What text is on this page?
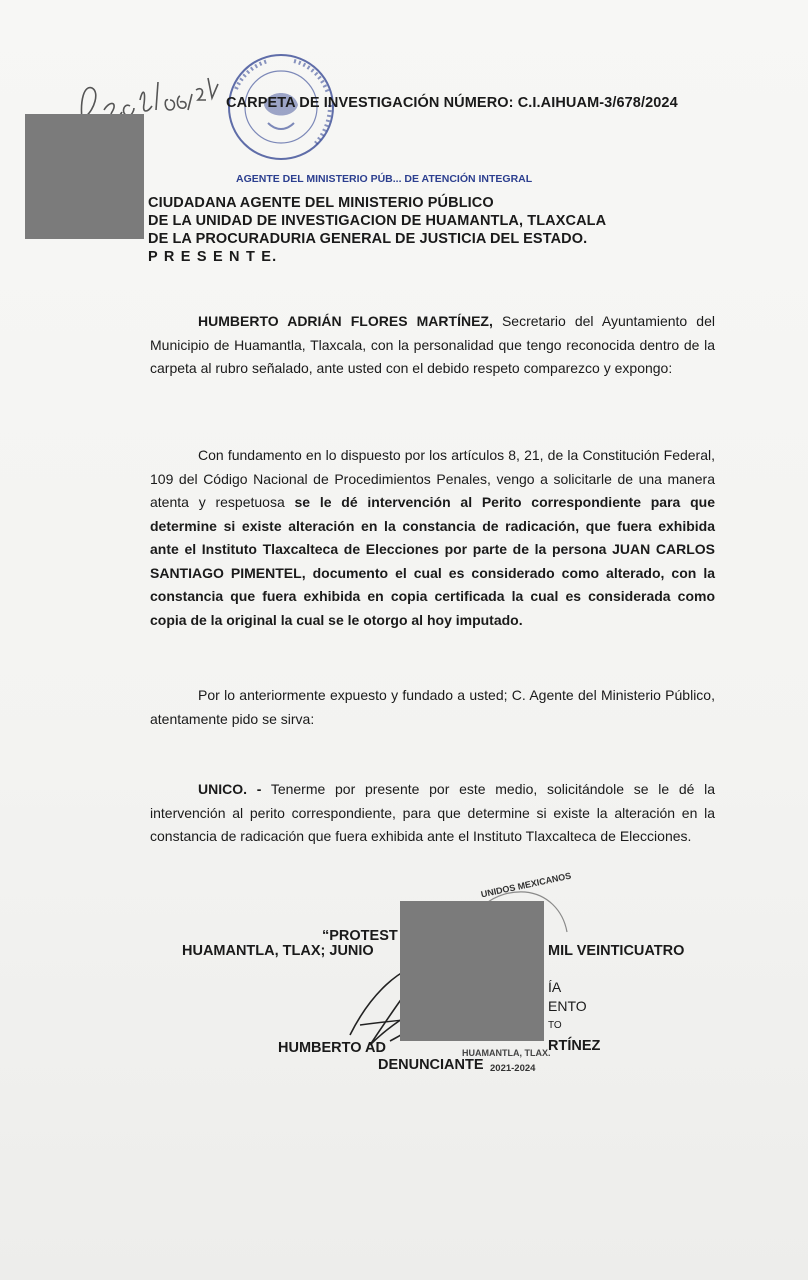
AGENTE DEL MINISTERIO PÚB... DE ATENCIÓN INTEGRAL

CARPETA DE INVESTIGACIÓN NÚMERO: C.I.AIHUAM-3/678/2024

CIUDADANA AGENTE DEL MINISTERIO PÚBLICO
DE LA UNIDAD DE INVESTIGACION DE HUAMANTLA, TLAXCALA
DE LA PROCURADURIA GENERAL DE JUSTICIA DEL ESTADO.
P R E S E N T E.

HUMBERTO ADRIÁN FLORES MARTÍNEZ, Secretario del Ayuntamiento del Municipio de Huamantla, Tlaxcala, con la personalidad que tengo reconocida dentro de la carpeta al rubro señalado, ante usted con el debido respeto comparezco y expongo:

Con fundamento en lo dispuesto por los artículos 8, 21, de la Constitución Federal, 109 del Código Nacional de Procedimientos Penales, vengo a solicitarle de una manera atenta y respetuosa se le dé intervención al Perito correspondiente para que determine si existe alteración en la constancia de radicación, que fuera exhibida ante el Instituto Tlaxcalteca de Elecciones por parte de la persona JUAN CARLOS SANTIAGO PIMENTEL, documento el cual es considerado como alterado, con la constancia que fuera exhibida en copia certificada la cual es considerada como copia de la original la cual se le otorgo al hoy imputado.

Por lo anteriormente expuesto y fundado a usted; C. Agente del Ministerio Público, atentamente pido se sirva:

UNICO. - Tenerme por presente por este medio, solicitándole se le dé la intervención al perito correspondiente, para que determine si existe la alteración en la constancia de radicación que fuera exhibida ante el Instituto Tlaxcalteca de Elecciones.

UNIDOS MEXICANOS
“PROTEST
HUAMANTLA, TLAX; JUNIO	MIL VEINTICUATRO
ÍA
ENTO
TO
HUMBERTO AD	RTÍNEZ
HUAMANTLA, TLAX.
DENUNCIANTE 2021-2024
